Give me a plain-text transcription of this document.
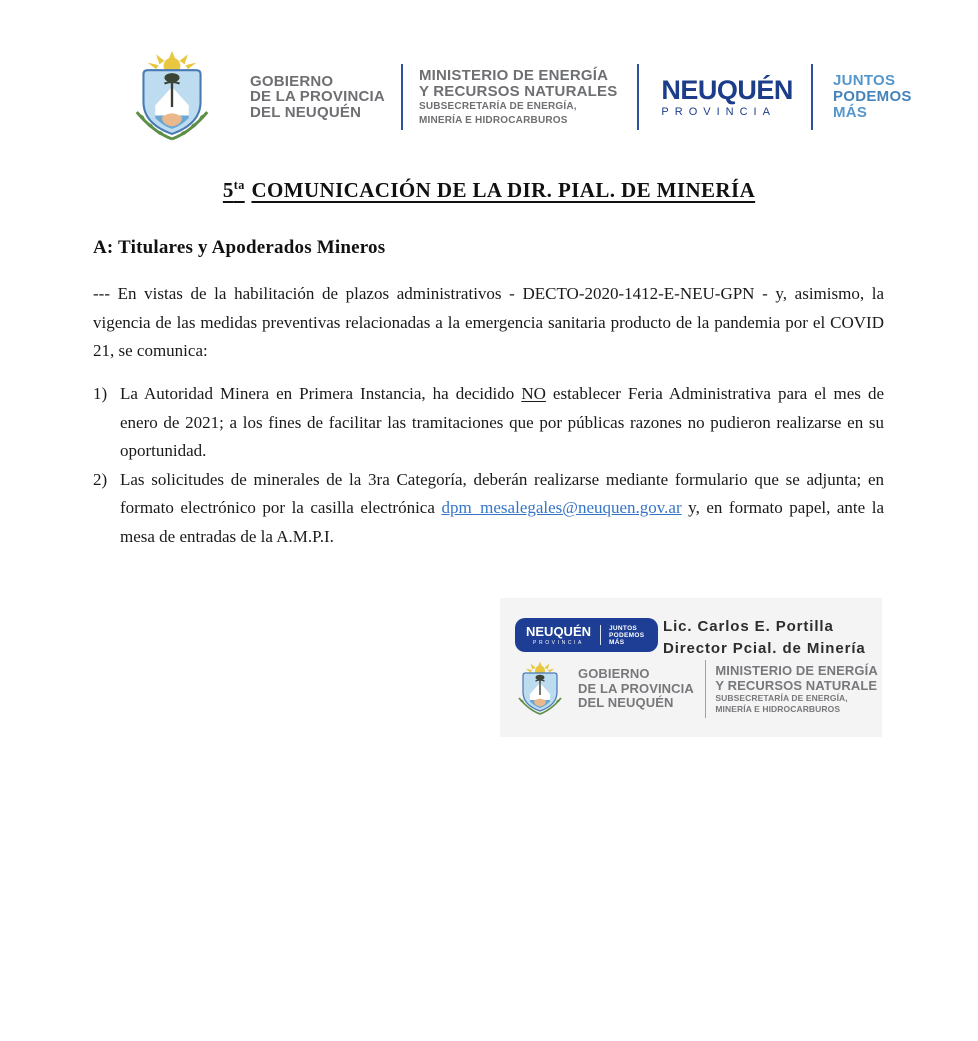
GOBIERNO
DE LA PROVINCIA
DEL NEUQUÉN
MINISTERIO DE ENERGÍA
Y RECURSOS NATURALES
SUBSECRETARÍA DE ENERGÍA,
MINERÍA E HIDROCARBUROS
NEUQUÉN
PROVINCIA
JUNTOS
PODEMOS
MÁS
$5^{ta}$ COMUNICACIÓN DE LA DIR. PIAL. DE MINERÍA
A: Titulares y Apoderados Mineros

--- En vistas de la habilitación de plazos administrativos - DECTO-2020-1412-E-NEU-GPN - y, asimismo, la vigencia de las medidas preventivas relacionadas a la emergencia sanitaria producto de la pandemia por el COVID 21, se comunica:

1) La Autoridad Minera en Primera Instancia, ha decidido NO establecer Feria Administrativa para el mes de enero de 2021; a los fines de facilitar las tramitaciones que por públicas razones no pudieron realizarse en su oportunidad.
2) Las solicitudes de minerales de la 3ra Categoría, deberán realizarse mediante formulario que se adjunta; en formato electrónico por la casilla electrónica dpm_mesalegales@neuquen.gov.ar y, en formato papel, ante la mesa de entradas de la A.M.P.I.
NEUQUÉN
PROVINCIA
JUNTOS
PODEMOS
MÁS
Lic. Carlos E. Portilla
Director Pcial. de Minería
GOBIERNO
DE LA PROVINCIA
DEL NEUQUÉN
MINISTERIO DE ENERGÍA
Y RECURSOS NATURALE
SUBSECRETARÍA DE ENERGÍA,
MINERÍA E HIDROCARBUROS
